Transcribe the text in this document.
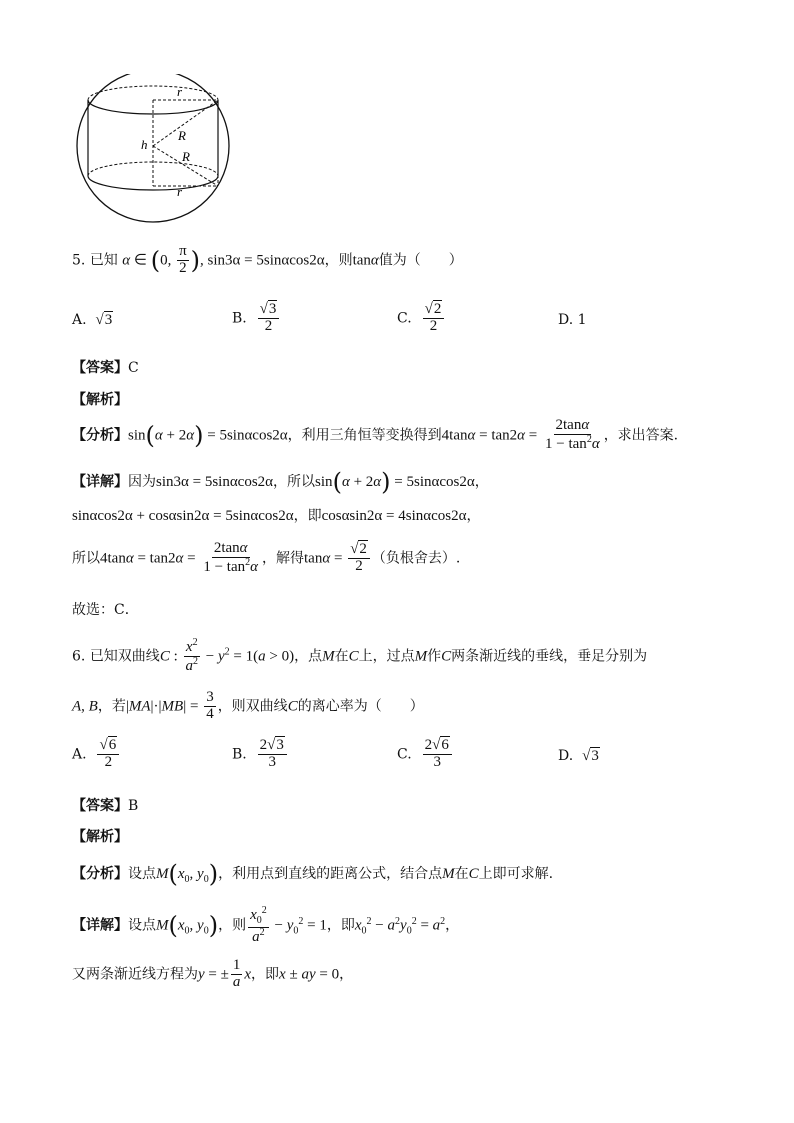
r
R
h
R
r
5. 已知 α ∈ (0, $\frac{\pi}{2}$ ), sin3α = 5sinαcos2α，则tanα值为（　　）
A. √3	B. $\frac{√3}{2}$	C. $\frac{√2}{2}$	D. 1
【答案】C
【解析】
【分析】sin(α + 2α) = 5sinαcos2α，利用三角恒等变换得到$4\tan\alpha = \tan 2\alpha = \frac{2\tan\alpha}{1 - \tan^2\alpha}$ ，求出答案.
【详解】因为sin3α = 5sinαcos2α，所以sin(α + 2α) = 5sinαcos2α，
sinαcos2α + cosαsin2α = 5sinαcos2α，即cosαsin2α = 4sinαcos2α，
所以$4\tan\alpha = \tan 2\alpha = \frac{2\tan\alpha}{1 - \tan^2\alpha}$ ，解得$\tan\alpha = \frac{√2}{2}$ （负根舍去）.
故选：C．
6. 已知双曲线C : $\frac{x^2}{a^2} - y^2 = 1(a > 0)$，点M在C上，过点M作C两条渐近线的垂线，垂足分别为
A, B，若$|MA|\cdot|MB| = \frac{3}{4}$ ，则双曲线C的离心率为（　　）
A. $\frac{√6}{2}$	B. $\frac{2√3}{3}$	C. $\frac{2√6}{3}$	D. √3
【答案】B
【解析】
【分析】设点$M(x_0$, $y_0$)，利用点到直线的距离公式，结合点M在C上即可求解.
【详解】设点$M(x_0$, $y_0$)，则 $\frac{x_0^2}{a^2} - y_0^2 = 1$，即$x_0^2 - a^2y_0^2 = a^2$，
又两条渐近线方程为y = ± $\frac{1}{a}$ x，即x ± ay = 0，
